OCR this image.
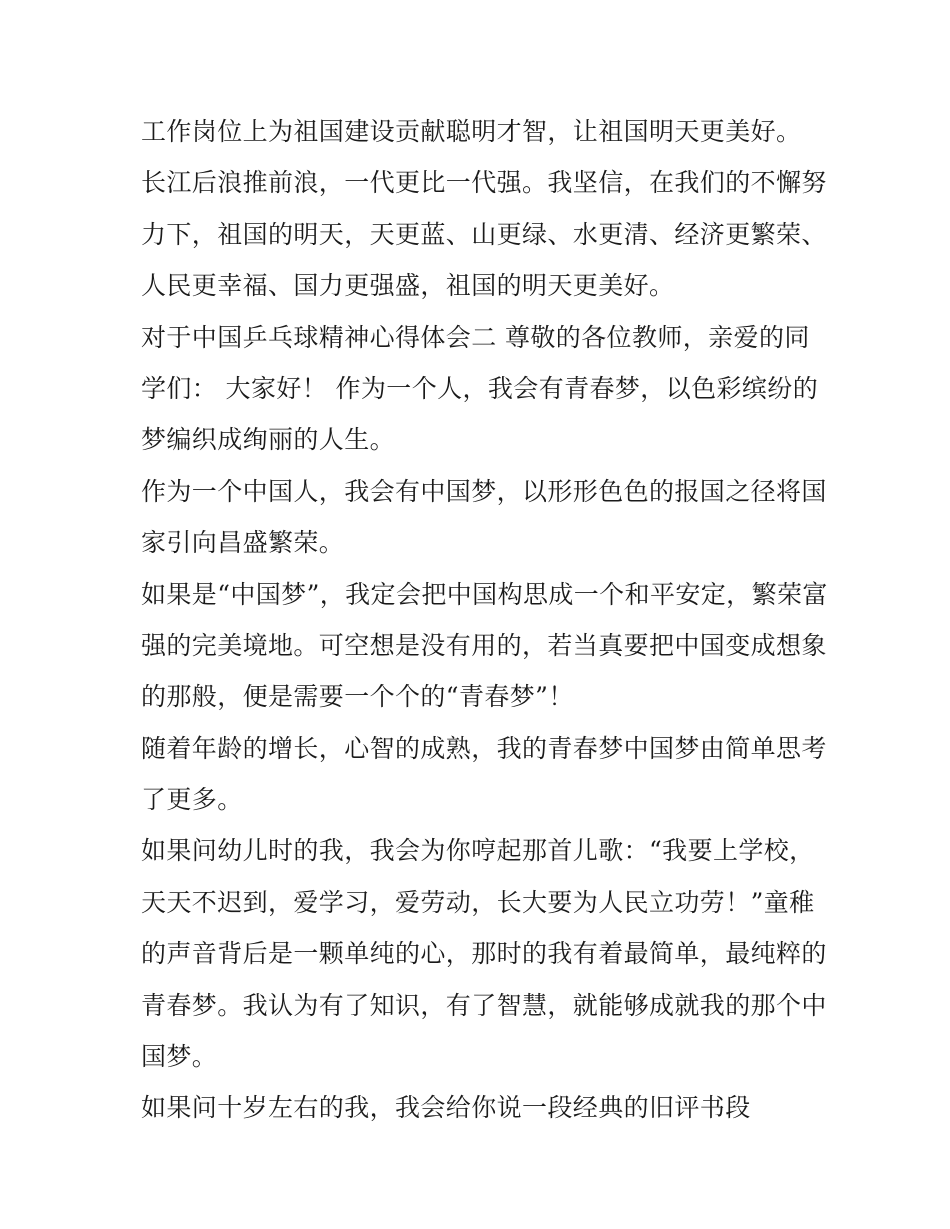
工作岗位上为祖国建设贡献聪明才智，让祖国明天更美好。
长江后浪推前浪，一代更比一代强。我坚信，在我们的不懈努
力下，祖国的明天，天更蓝、山更绿、水更清、经济更繁荣、
人民更幸福、国力更强盛，祖国的明天更美好。
对于中国乒乓球精神心得体会二 尊敬的各位教师，亲爱的同
学们： 大家好！ 作为一个人，我会有青春梦，以色彩缤纷的
梦编织成绚丽的人生。
作为一个中国人，我会有中国梦，以形形色色的报国之径将国
家引向昌盛繁荣。
如果是“中国梦”，我定会把中国构思成一个和平安定，繁荣富
强的完美境地。可空想是没有用的，若当真要把中国变成想象
的那般，便是需要一个个的“青春梦”！
随着年龄的增长，心智的成熟，我的青春梦中国梦由简单思考
了更多。
如果问幼儿时的我，我会为你哼起那首儿歌：“我要上学校，
天天不迟到，爱学习，爱劳动，长大要为人民立功劳！”童稚
的声音背后是一颗单纯的心，那时的我有着最简单，最纯粹的
青春梦。我认为有了知识，有了智慧，就能够成就我的那个中
国梦。
如果问十岁左右的我，我会给你说一段经典的旧评书段
